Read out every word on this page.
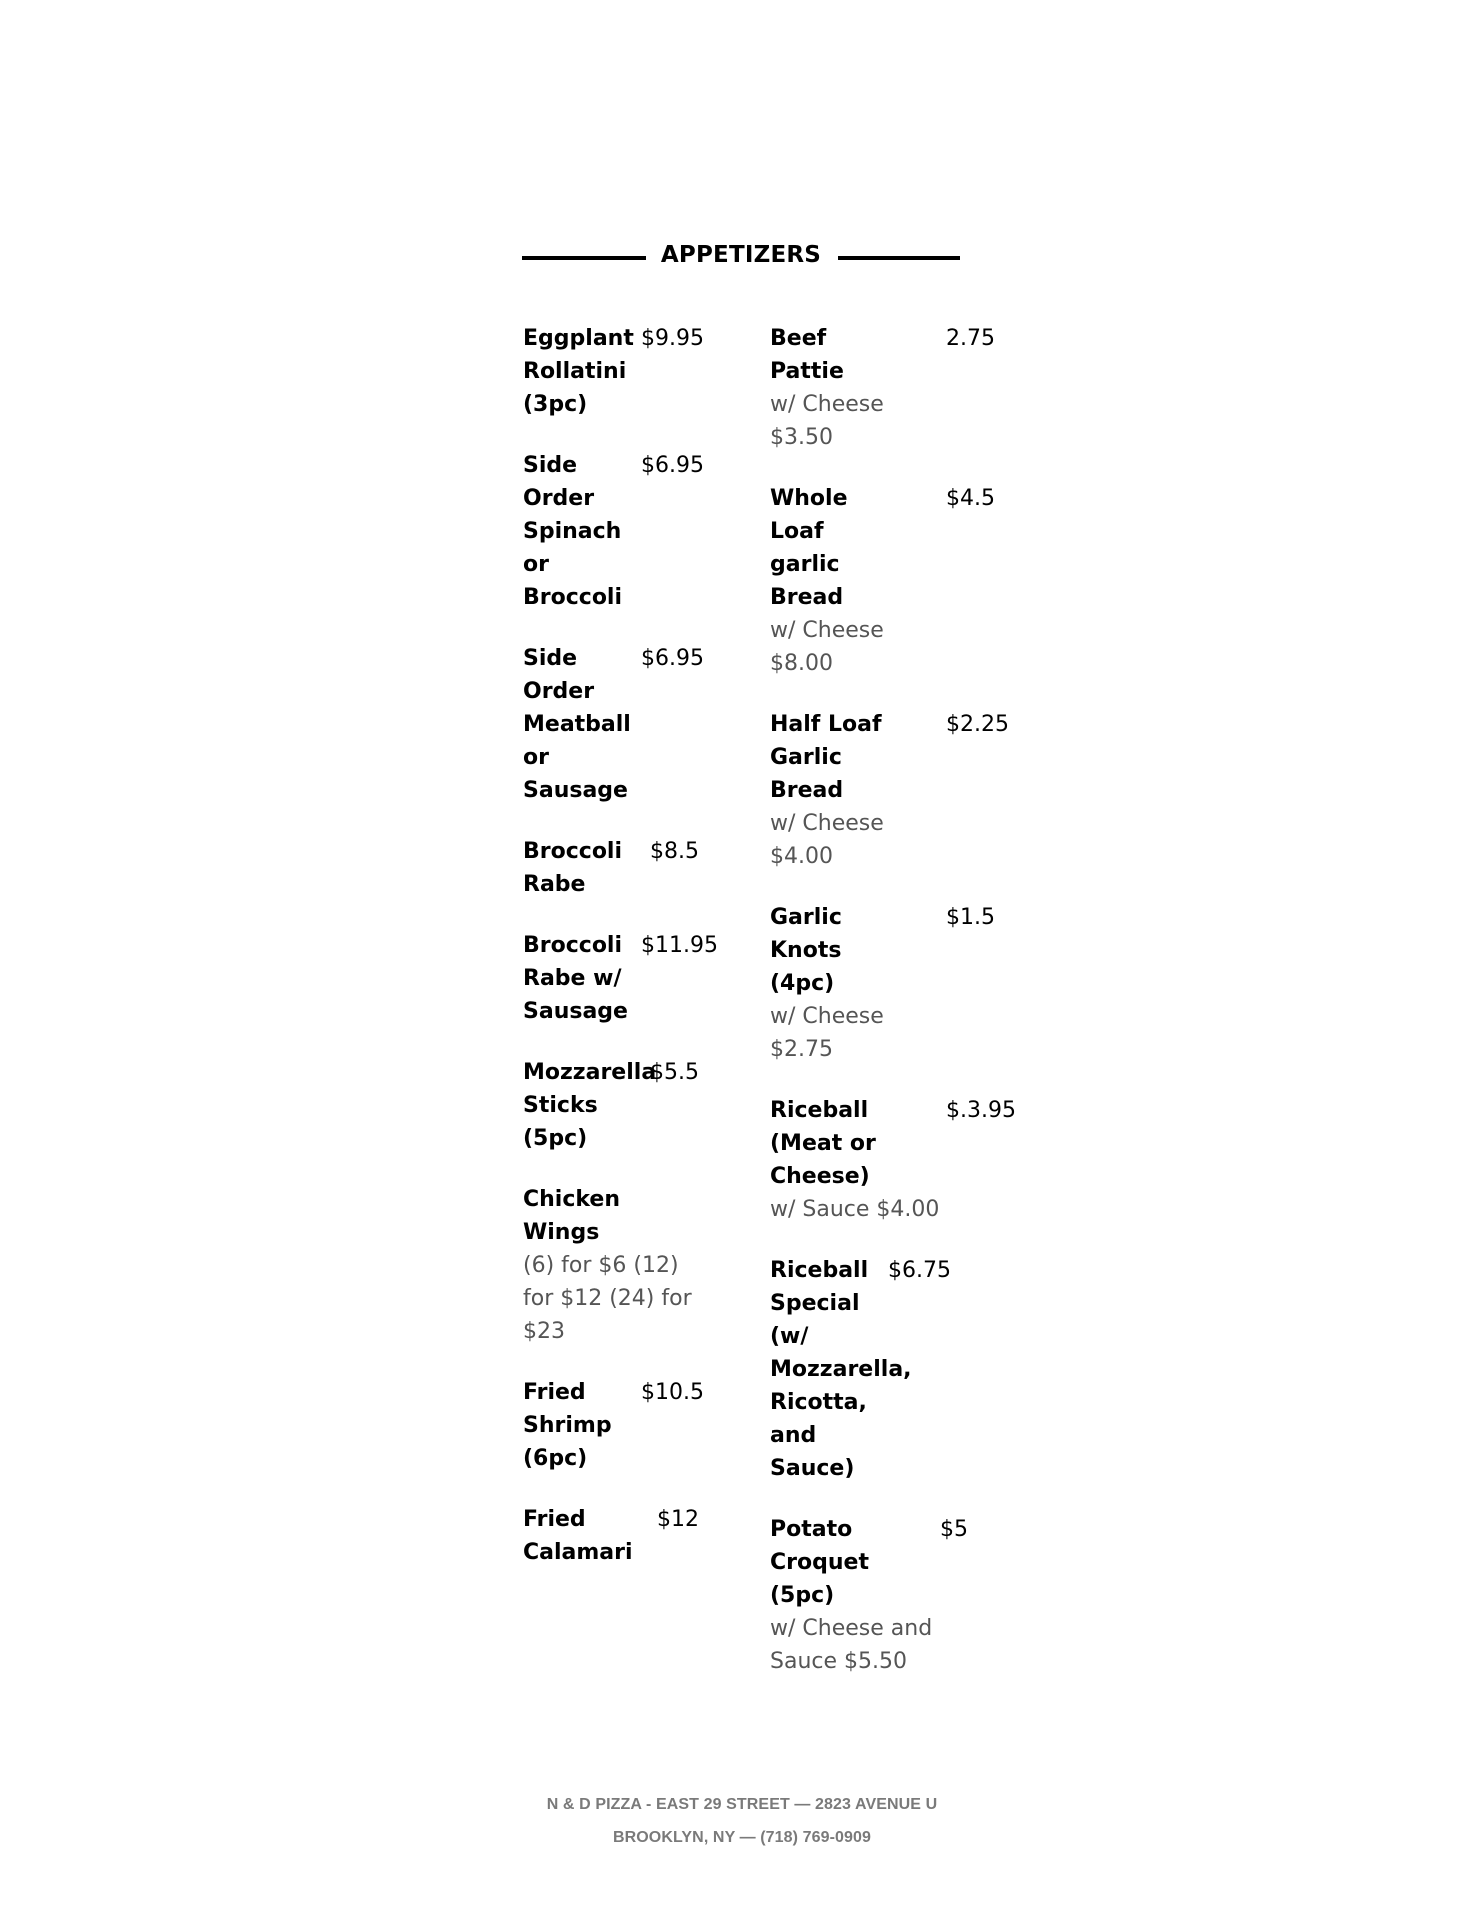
APPETIZERS
Eggplant Rollatini (3pc)
$9.95
Side Order Spinach or Broccoli
$6.95
Side Order Meatball or Sausage
$6.95
Broccoli Rabe
$8.5
Broccoli Rabe w/ Sausage
$11.95
Mozzarella Sticks (5pc)
$5.5
Chicken Wings
(6) for $6 (12) for $12 (24) for $23
Fried Shrimp (6pc)
$10.5
Fried Calamari
$12
Beef Pattie
w/ Cheese $3.50
2.75
Whole Loaf garlic Bread
w/ Cheese $8.00
$4.5
Half Loaf Garlic Bread
w/ Cheese $4.00
$2.25
Garlic Knots (4pc)
w/ Cheese $2.75
$1.5
Riceball (Meat or Cheese)
w/ Sauce $4.00
$.3.95
Riceball Special (w/ Mozzarella, Ricotta, and Sauce)
$6.75
Potato Croquet (5pc)
w/ Cheese and Sauce $5.50
$5
N & D PIZZA - EAST 29 STREET — 2823 AVENUE U
BROOKLYN, NY — (718) 769-0909
